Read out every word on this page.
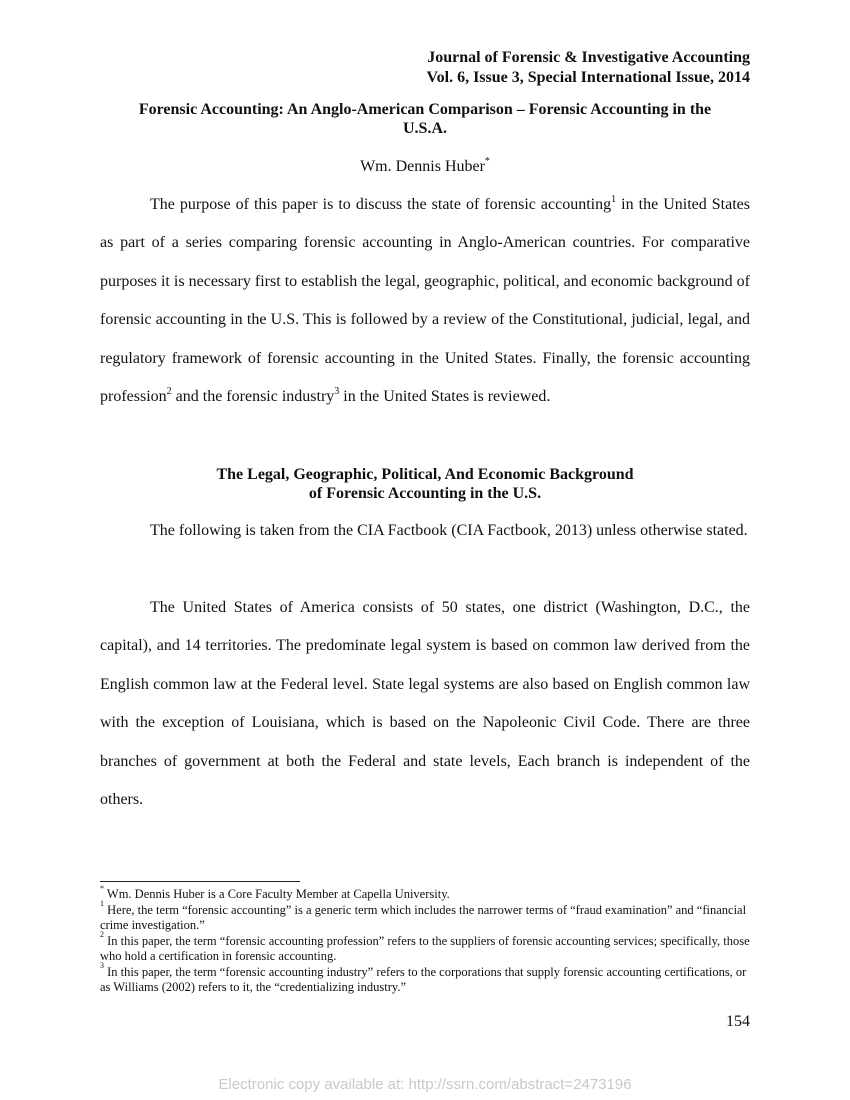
Journal of Forensic & Investigative Accounting
Vol. 6, Issue 3, Special International Issue, 2014
Forensic Accounting: An Anglo-American Comparison – Forensic Accounting in the
U.S.A.
Wm. Dennis Huber*

The purpose of this paper is to discuss the state of forensic accounting$^1$ in the United States as part of a series comparing forensic accounting in Anglo-American countries. For comparative purposes it is necessary first to establish the legal, geographic, political, and economic background of forensic accounting in the U.S. This is followed by a review of the Constitutional, judicial, legal, and regulatory framework of forensic accounting in the United States. Finally, the forensic accounting profession$^2$ and the forensic industry$^3$ in the United States is reviewed.

The Legal, Geographic, Political, And Economic Background
of Forensic Accounting in the U.S.

The following is taken from the CIA Factbook (CIA Factbook, 2013) unless otherwise stated.

The United States of America consists of 50 states, one district (Washington, D.C., the capital), and 14 territories. The predominate legal system is based on common law derived from the English common law at the Federal level. State legal systems are also based on English common law with the exception of Louisiana, which is based on the Napoleonic Civil Code. There are three branches of government at both the Federal and state levels, Each branch is independent of the others.

* Wm. Dennis Huber is a Core Faculty Member at Capella University.

$^1$ Here, the term “forensic accounting” is a generic term which includes the narrower terms of “fraud examination” and “financial crime investigation.”

$^2$ In this paper, the term “forensic accounting profession” refers to the suppliers of forensic accounting services; specifically, those who hold a certification in forensic accounting.

$^3$ In this paper, the term “forensic accounting industry” refers to the corporations that supply forensic accounting certifications, or as Williams (2002) refers to it, the “credentializing industry.”

154
Electronic copy available at: http://ssrn.com/abstract=2473196
